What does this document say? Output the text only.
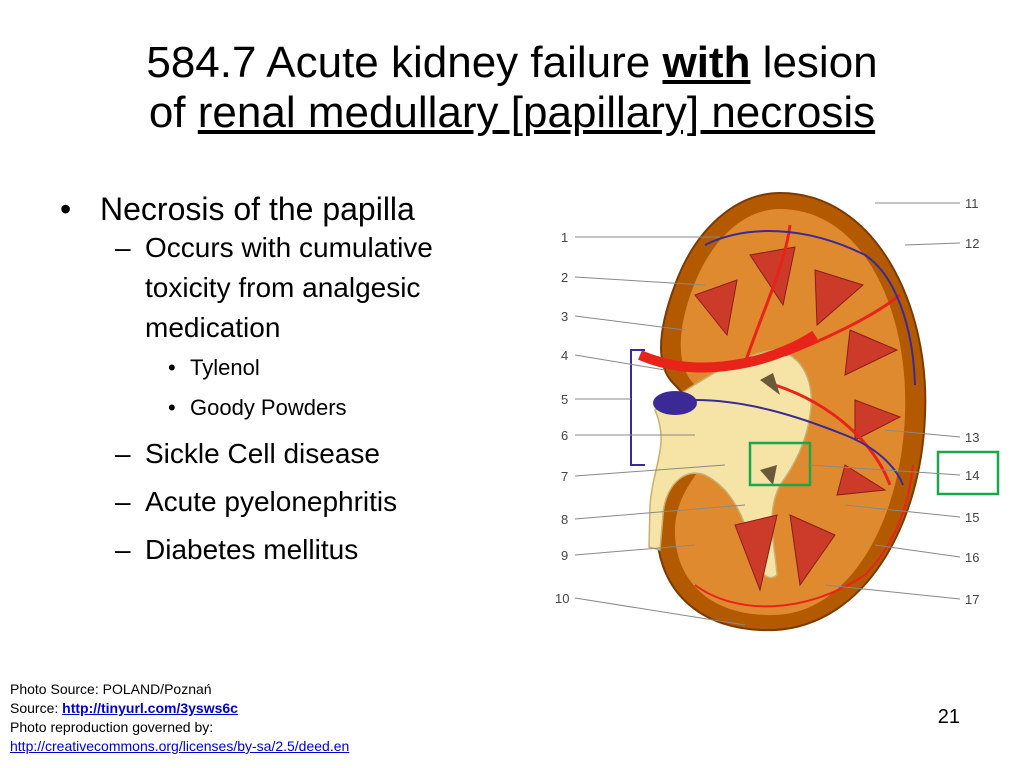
584.7 Acute kidney failure with lesion
of renal medullary [papillary] necrosis
• Necrosis of the papilla
– Occurs with cumulative toxicity from analgesic medication
• Tylenol
• Goody Powders
– Sickle Cell disease
– Acute pyelonephritis
– Diabetes mellitus
1
2
3
4
5
6
7
8
9
10
11
12
13
14
15
16
17
Photo Source: POLAND/Poznań
Source: http://tinyurl.com/3ysws6c
Photo reproduction governed by:
http://creativecommons.org/licenses/by-sa/2.5/deed.en
21
